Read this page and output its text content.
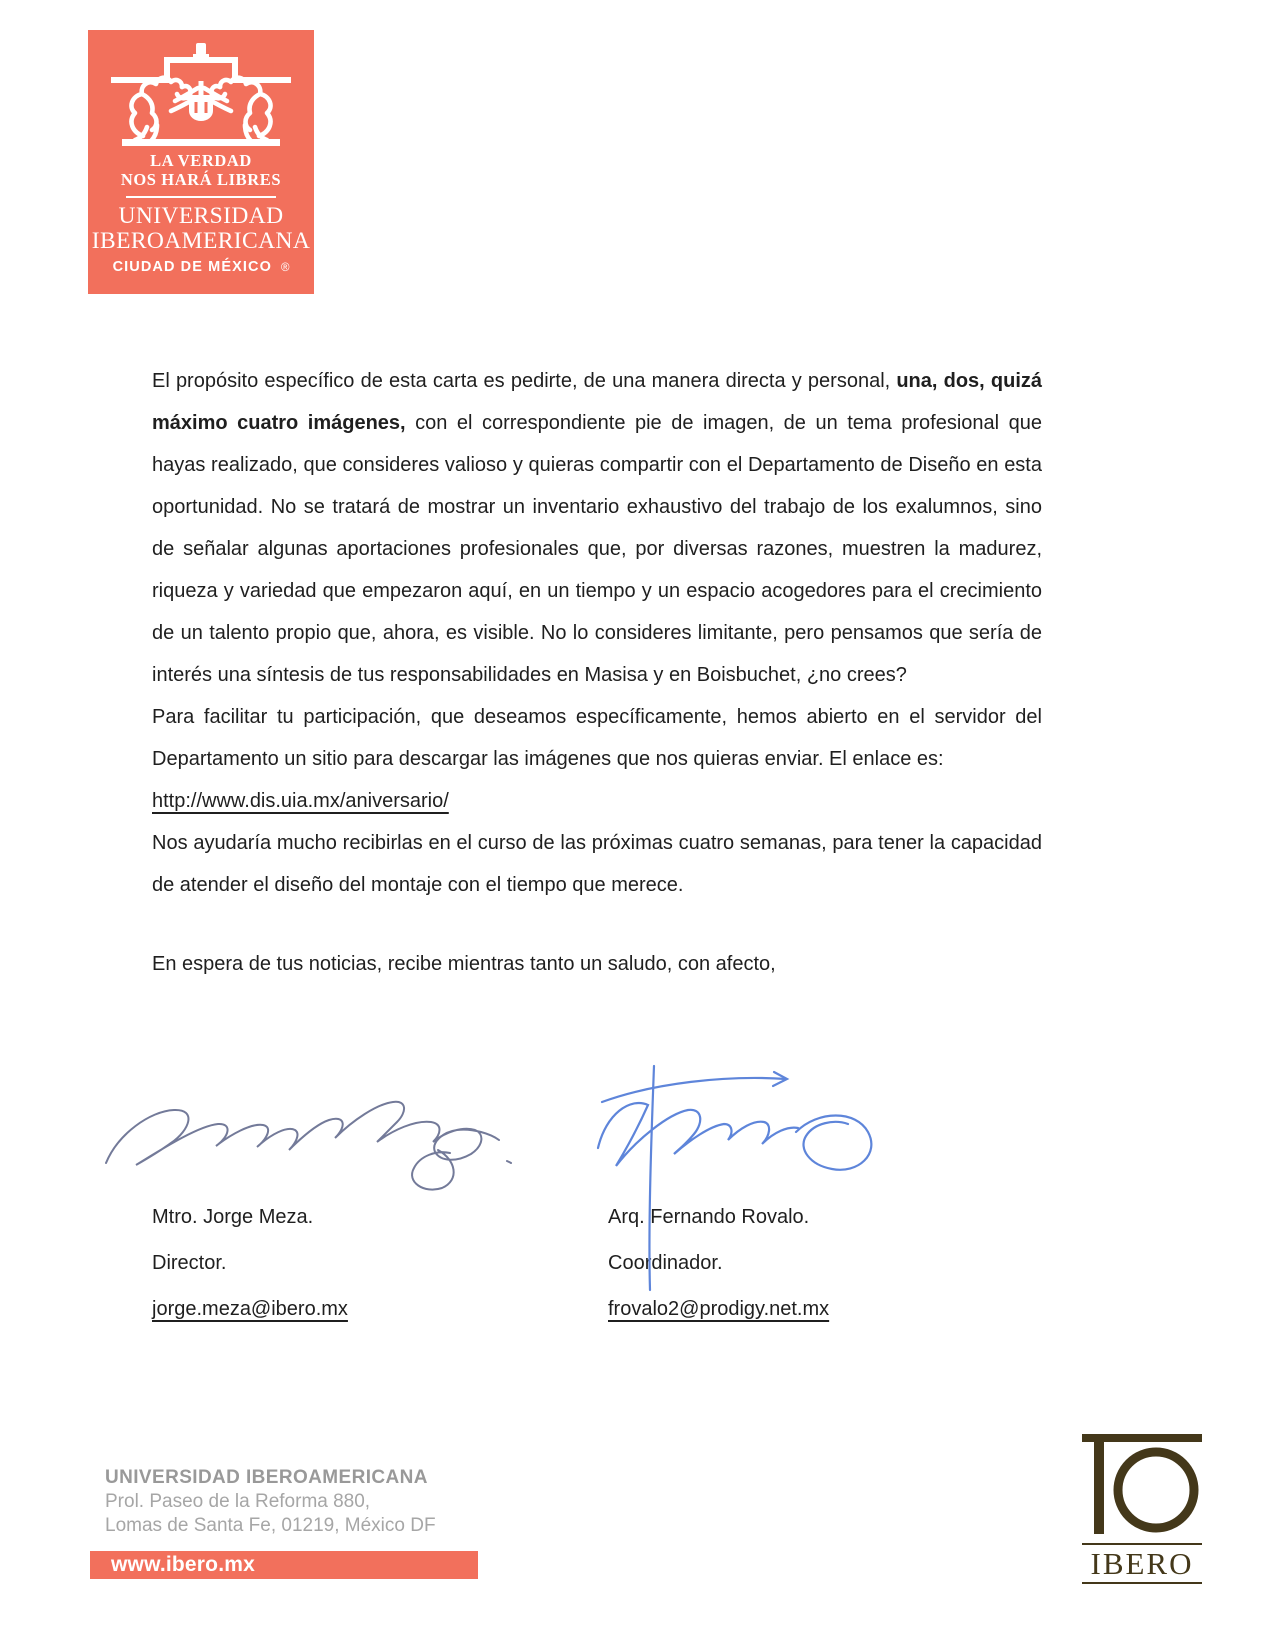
LA VERDAD
NOS HARÁ LIBRES
UNIVERSIDAD
IBEROAMERICANA
CIUDAD DE MÉXICO ®

El propósito específico de esta carta es pedirte, de una manera directa y personal, una, dos, quizá máximo cuatro imágenes, con el correspondiente pie de imagen, de un tema profesional que hayas realizado, que consideres valioso y quieras compartir con el Departamento de Diseño en esta oportunidad. No se tratará de mostrar un inventario exhaustivo del trabajo de los exalumnos, sino de señalar algunas aportaciones profesionales que, por diversas razones, muestren la madurez, riqueza y variedad que empezaron aquí, en un tiempo y un espacio acogedores para el crecimiento de un talento propio que, ahora, es visible. No lo consideres limitante, pero pensamos que sería de interés una síntesis de tus responsabilidades en Masisa y en Boisbuchet, ¿no crees?

Para facilitar tu participación, que deseamos específicamente, hemos abierto en el servidor del Departamento un sitio para descargar las imágenes que nos quieras enviar. El enlace es:

http://www.dis.uia.mx/aniversario/

Nos ayudaría mucho recibirlas en el curso de las próximas cuatro semanas, para tener la capacidad de atender el diseño del montaje con el tiempo que merece.

En espera de tus noticias, recibe mientras tanto un saludo, con afecto,

Mtro. Jorge Meza.
Director.
jorge.meza@ibero.mx
Arq. Fernando Rovalo.
Coordinador.
frovalo2@prodigy.net.mx
UNIVERSIDAD IBEROAMERICANA
Prol. Paseo de la Reforma 880,
Lomas de Santa Fe, 01219, México DF
www.ibero.mx	IBERO
